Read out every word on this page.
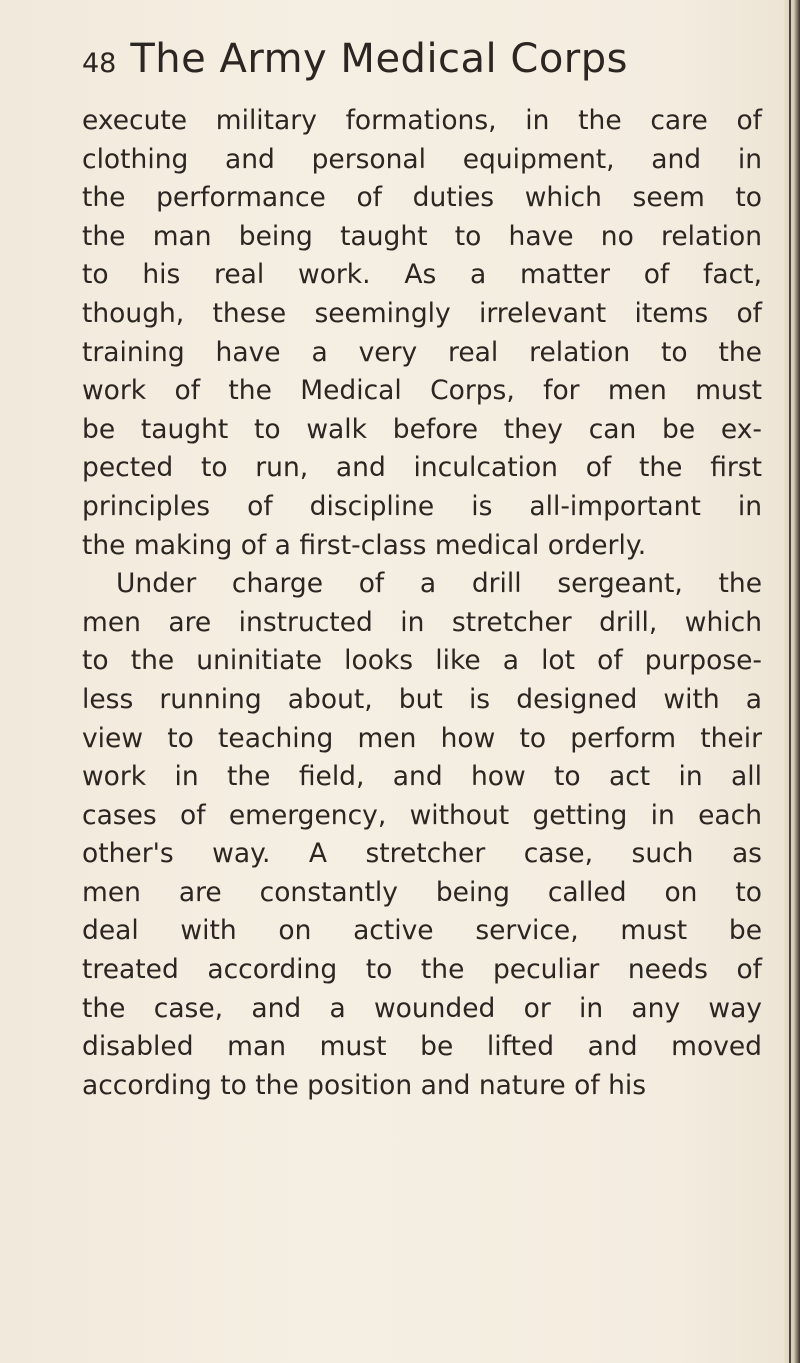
48 The Army Medical Corps
execute military formations, in the care of
clothing and personal equipment, and in
the performance of duties which seem to
the man being taught to have no relation
to his real work. As a matter of fact,
though, these seemingly irrelevant items of
training have a very real relation to the
work of the Medical Corps, for men must
be taught to walk before they can be ex-
pected to run, and inculcation of the first
principles of discipline is all-important in
the making of a first-class medical orderly.
Under charge of a drill sergeant, the
men are instructed in stretcher drill, which
to the uninitiate looks like a lot of purpose-
less running about, but is designed with a
view to teaching men how to perform their
work in the field, and how to act in all
cases of emergency, without getting in each
other's way. A stretcher case, such as
men are constantly being called on to
deal with on active service, must be
treated according to the peculiar needs of
the case, and a wounded or in any way
disabled man must be lifted and moved
according to the position and nature of his
